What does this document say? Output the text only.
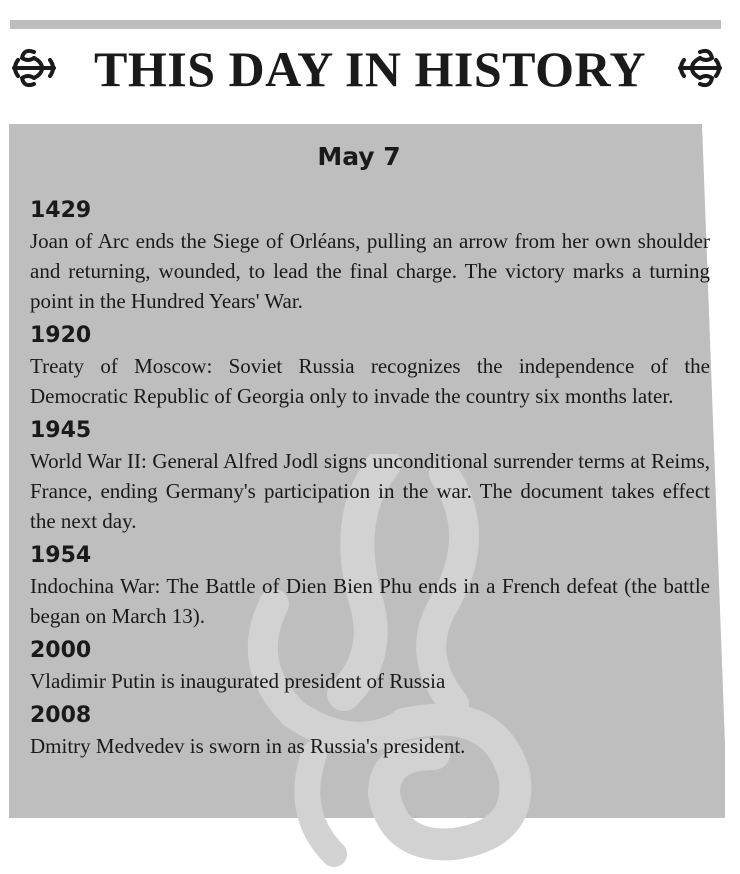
THIS DAY IN HISTORY
May 7
1429
Joan of Arc ends the Siege of Orléans, pulling an arrow from her own shoulder and returning, wounded, to lead the final charge. The victory marks a turning point in the Hundred Years' War.
1920
Treaty of Moscow: Soviet Russia recognizes the independence of the Democratic Republic of Georgia only to invade the country six months later.
1945
World War II: General Alfred Jodl signs unconditional surrender terms at Reims, France, ending Germany's participation in the war. The document takes effect the next day.
1954
Indochina War: The Battle of Dien Bien Phu ends in a French defeat (the battle began on March 13).
2000
Vladimir Putin is inaugurated president of Russia
2008
Dmitry Medvedev is sworn in as Russia's president.
